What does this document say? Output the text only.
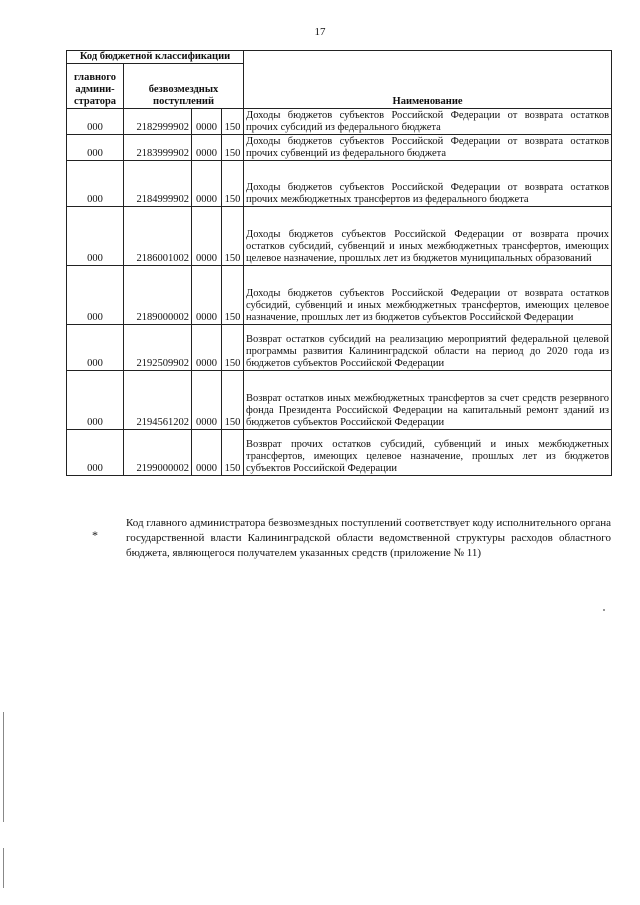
17
Код бюджетной классификации				Наименование
главного админи-стратора	безвозмездных поступлений			
000	2182999902	0000	150	Доходы бюджетов субъектов Российской Федерации от возврата остатков прочих субсидий из федерального бюджета
000	2183999902	0000	150	Доходы бюджетов субъектов Российской Федерации от возврата остатков прочих субвенций из федерального бюджета
000	2184999902	0000	150	Доходы бюджетов субъектов Российской Федерации от возврата остатков прочих межбюджетных трансфертов из федерального бюджета
000	2186001002	0000	150	Доходы бюджетов субъектов Российской Федерации от возврата прочих остатков субсидий, субвенций и иных межбюджетных трансфертов, имеющих целевое назначение, прошлых лет из бюджетов муниципальных образований
000	2189000002	0000	150	Доходы бюджетов субъектов Российской Федерации от возврата остатков субсидий, субвенций и иных межбюджетных трансфертов, имеющих целевое назначение, прошлых лет из бюджетов субъектов Российской Федерации
000	2192509902	0000	150	Возврат остатков субсидий на реализацию мероприятий федеральной целевой программы развития Калининградской области на период до 2020 года из бюджетов субъектов Российской Федерации
000	2194561202	0000	150	Возврат остатков иных межбюджетных трансфертов за счет средств резервного фонда Президента Российской Федерации на капитальный ремонт зданий из бюджетов субъектов Российской Федерации
000	2199000002	0000	150	Возврат прочих остатков субсидий, субвенций и иных межбюджетных трансфертов, имеющих целевое назначение, прошлых лет из бюджетов субъектов Российской Федерации
*
Код главного администратора безвозмездных поступлений соответствует коду исполнительного органа государственной власти Калининградской области ведомственной структуры расходов областного бюджета, являющегося получателем указанных средств (приложение № 11)
